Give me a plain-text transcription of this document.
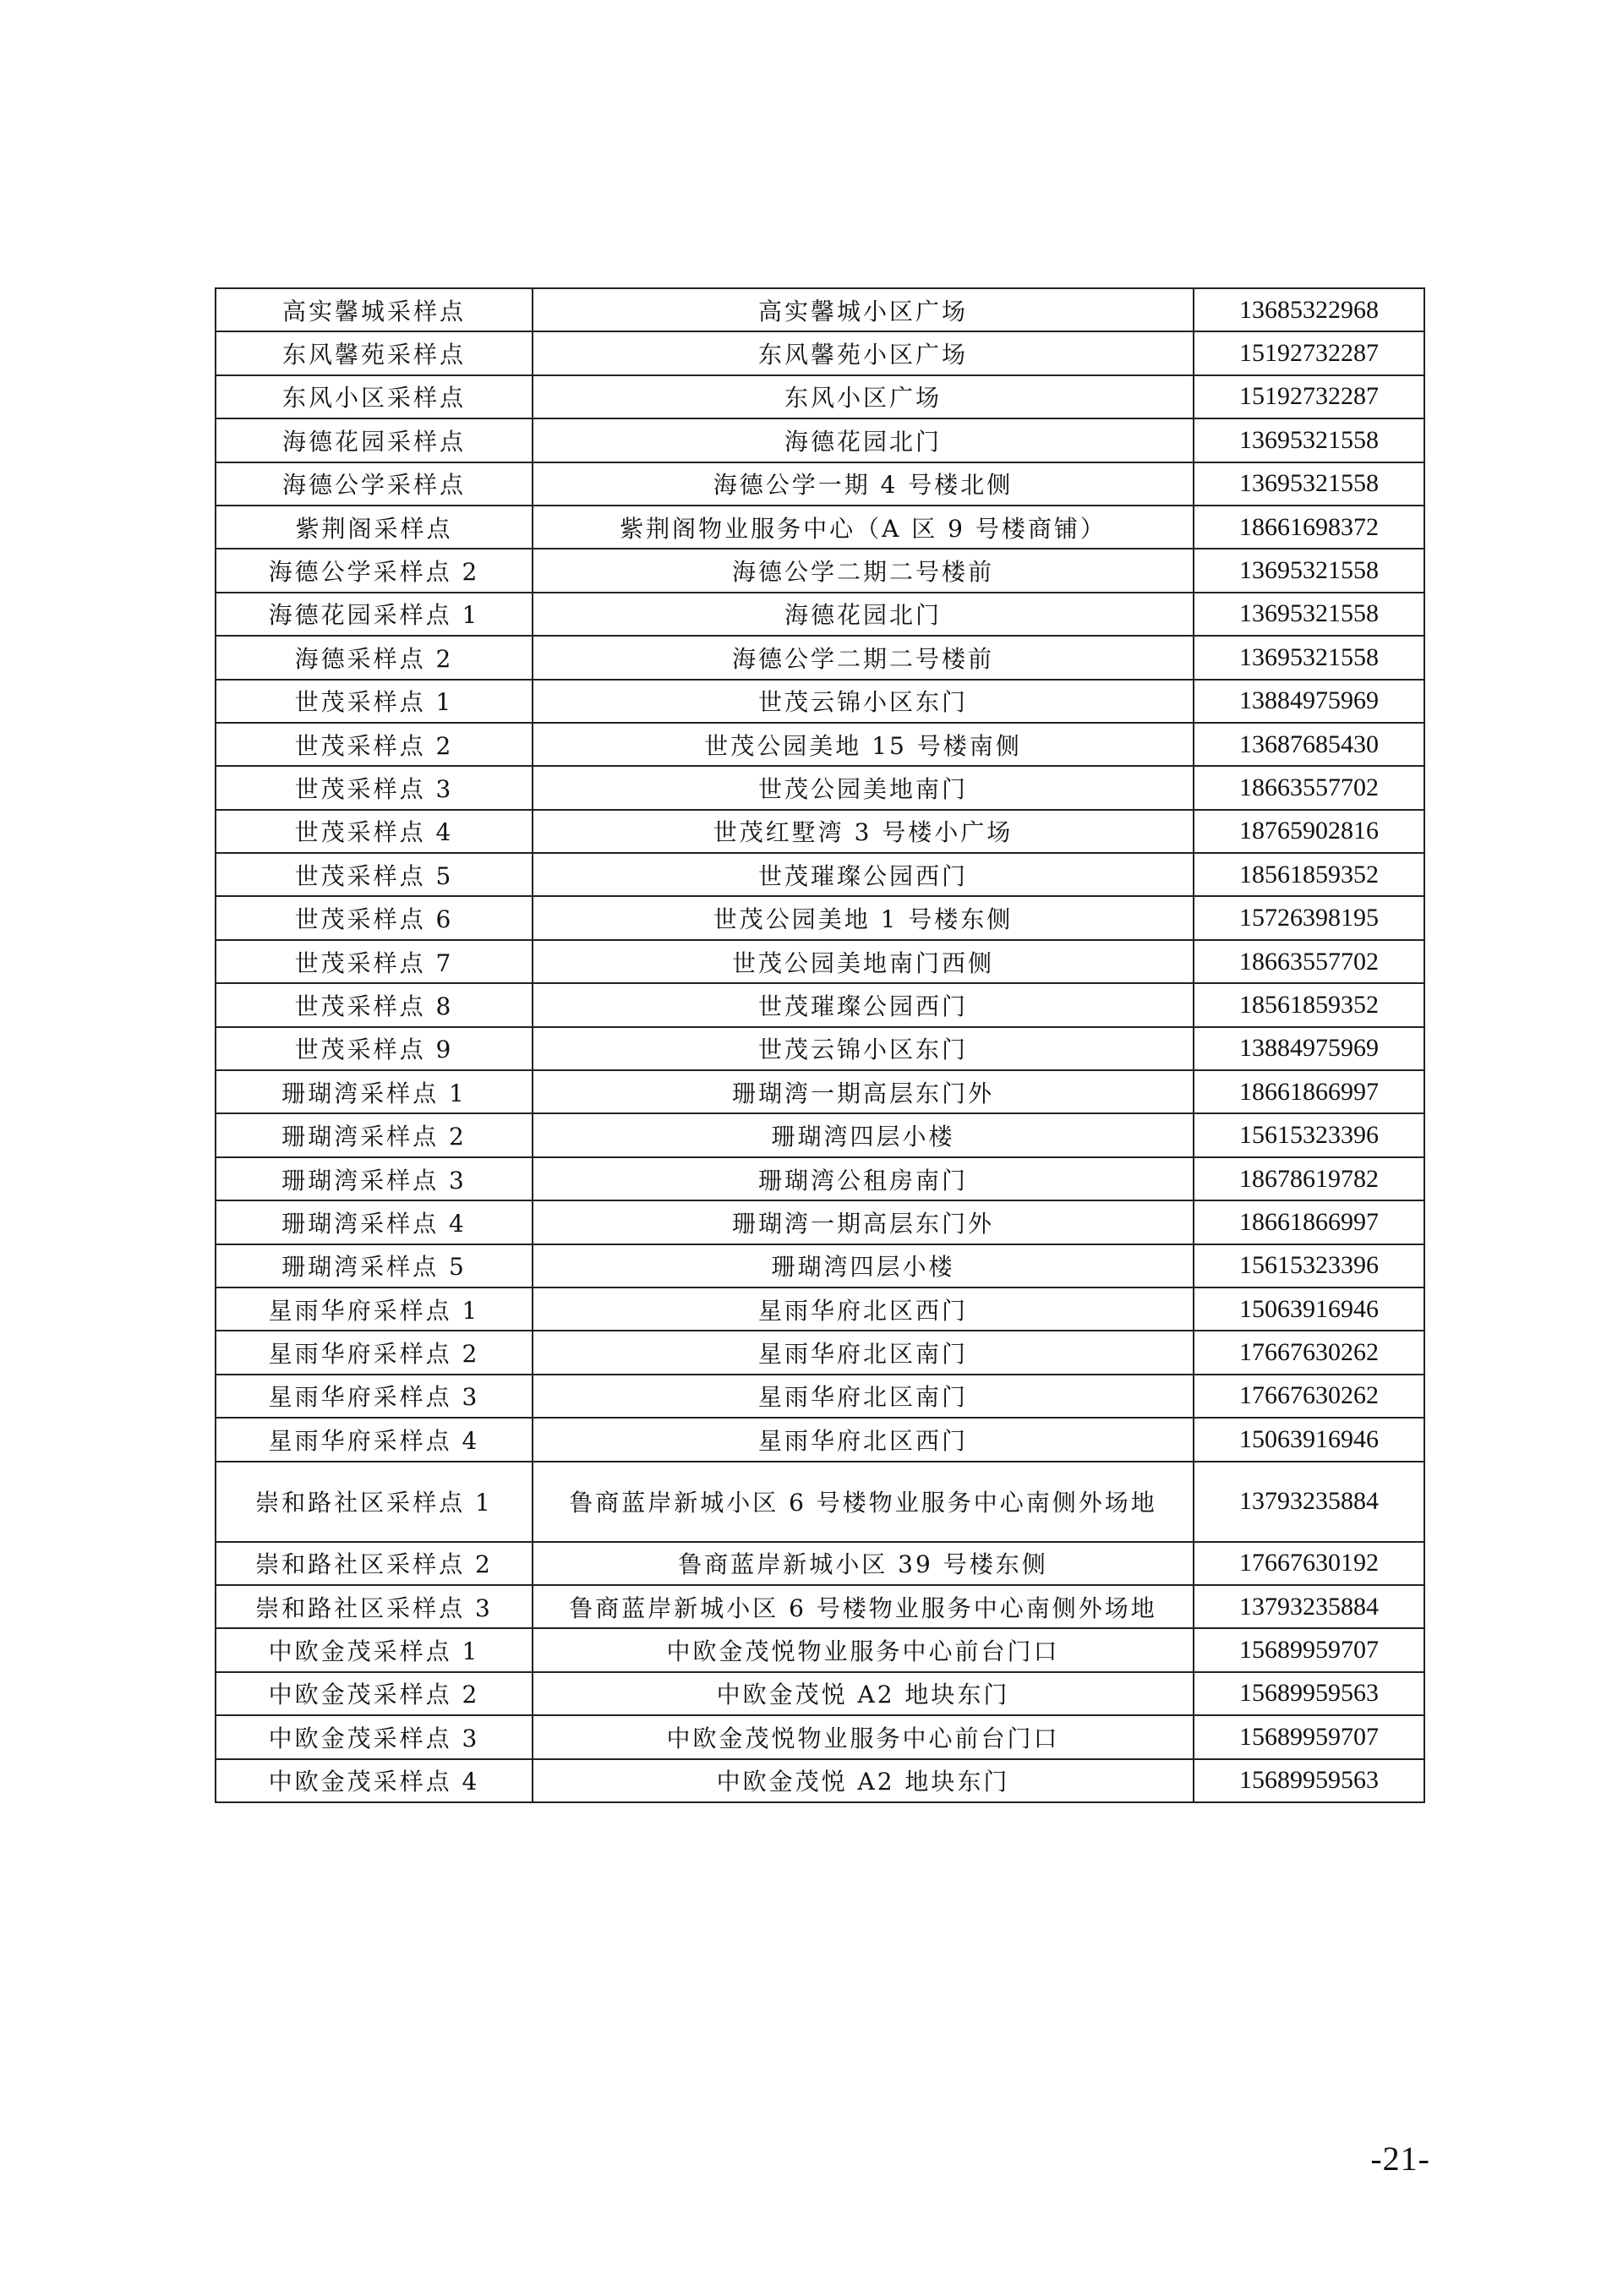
高实馨城采样点	高实馨城小区广场	13685322968
东风馨苑采样点	东风馨苑小区广场	15192732287
东风小区采样点	东风小区广场	15192732287
海德花园采样点	海德花园北门	13695321558
海德公学采样点	海德公学一期 4 号楼北侧	13695321558
紫荆阁采样点	紫荆阁物业服务中心（A 区 9 号楼商铺）	18661698372
海德公学采样点 2	海德公学二期二号楼前	13695321558
海德花园采样点 1	海德花园北门	13695321558
海德采样点 2	海德公学二期二号楼前	13695321558
世茂采样点 1	世茂云锦小区东门	13884975969
世茂采样点 2	世茂公园美地 15 号楼南侧	13687685430
世茂采样点 3	世茂公园美地南门	18663557702
世茂采样点 4	世茂红墅湾 3 号楼小广场	18765902816
世茂采样点 5	世茂璀璨公园西门	18561859352
世茂采样点 6	世茂公园美地 1 号楼东侧	15726398195
世茂采样点 7	世茂公园美地南门西侧	18663557702
世茂采样点 8	世茂璀璨公园西门	18561859352
世茂采样点 9	世茂云锦小区东门	13884975969
珊瑚湾采样点 1	珊瑚湾一期高层东门外	18661866997
珊瑚湾采样点 2	珊瑚湾四层小楼	15615323396
珊瑚湾采样点 3	珊瑚湾公租房南门	18678619782
珊瑚湾采样点 4	珊瑚湾一期高层东门外	18661866997
珊瑚湾采样点 5	珊瑚湾四层小楼	15615323396
星雨华府采样点 1	星雨华府北区西门	15063916946
星雨华府采样点 2	星雨华府北区南门	17667630262
星雨华府采样点 3	星雨华府北区南门	17667630262
星雨华府采样点 4	星雨华府北区西门	15063916946
崇和路社区采样点 1	鲁商蓝岸新城小区 6 号楼物业服务中心南侧外场地	13793235884
崇和路社区采样点 2	鲁商蓝岸新城小区 39 号楼东侧	17667630192
崇和路社区采样点 3	鲁商蓝岸新城小区 6 号楼物业服务中心南侧外场地	13793235884
中欧金茂采样点 1	中欧金茂悦物业服务中心前台门口	15689959707
中欧金茂采样点 2	中欧金茂悦 A2 地块东门	15689959563
中欧金茂采样点 3	中欧金茂悦物业服务中心前台门口	15689959707
中欧金茂采样点 4	中欧金茂悦 A2 地块东门	15689959563
-21-
